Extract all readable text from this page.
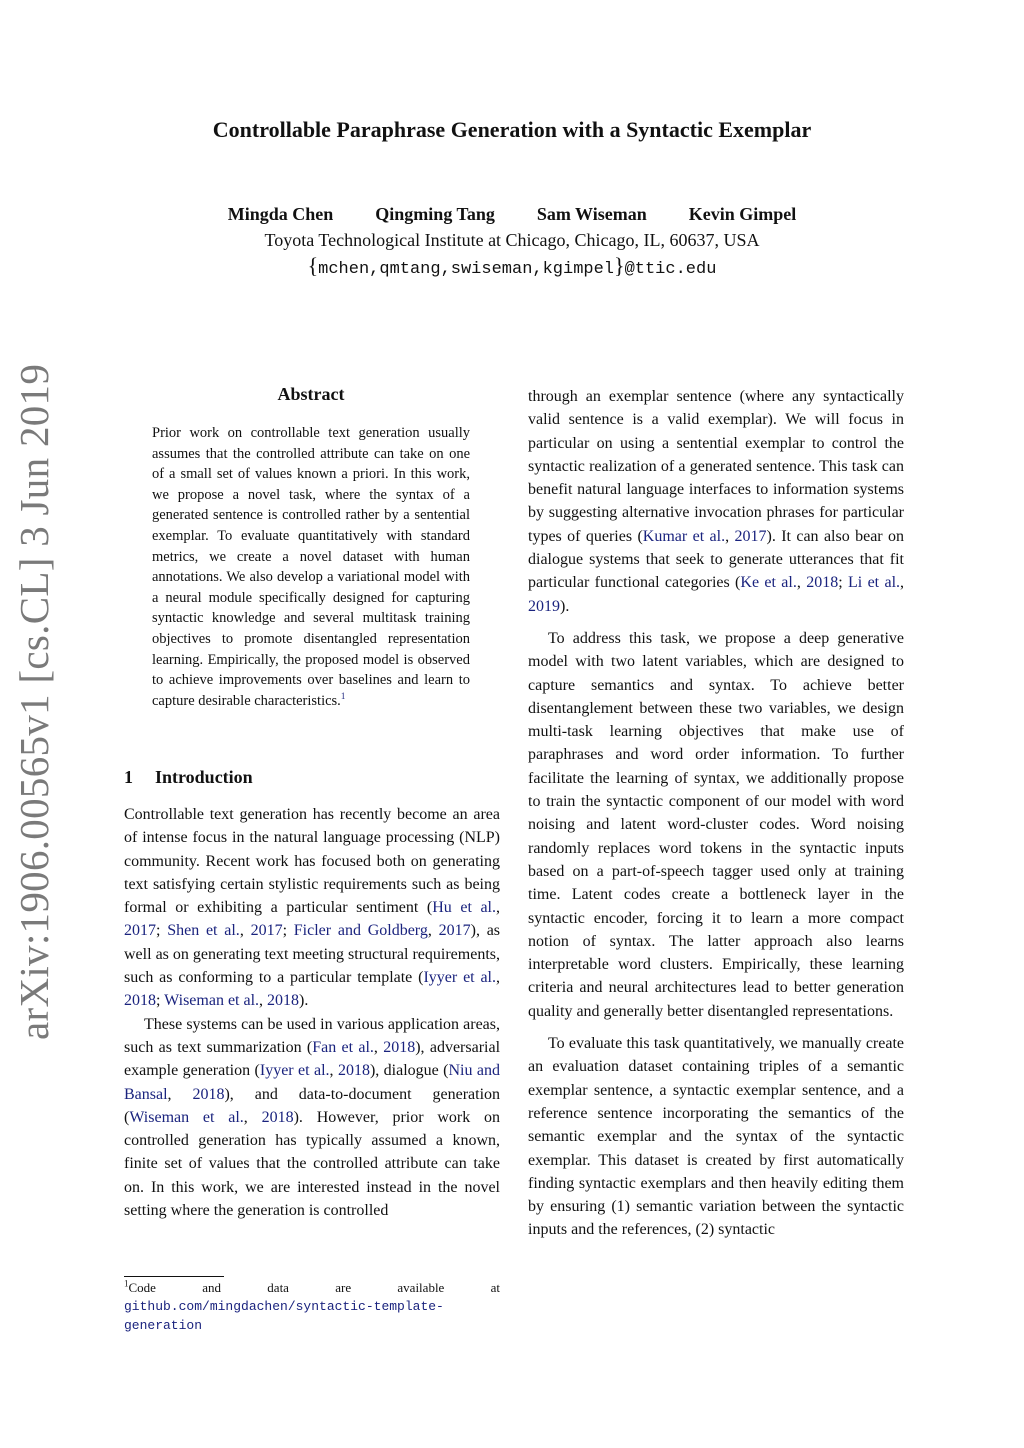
arXiv:1906.00565v1 [cs.CL] 3 Jun 2019
Controllable Paraphrase Generation with a Syntactic Exemplar
Mingda Chen Qingming Tang Sam Wiseman Kevin Gimpel
Toyota Technological Institute at Chicago, Chicago, IL, 60637, USA
{mchen,qmtang,swiseman,kgimpel}@ttic.edu
Abstract

Prior work on controllable text generation usually assumes that the controlled attribute can take on one of a small set of values known a priori. In this work, we propose a novel task, where the syntax of a generated sentence is controlled rather by a sentential exemplar. To evaluate quantitatively with standard metrics, we create a novel dataset with human annotations. We also develop a variational model with a neural module specifically designed for capturing syntactic knowledge and several multitask training objectives to promote disentangled representation learning. Empirically, the proposed model is observed to achieve improvements over baselines and learn to capture desirable characteristics.$^1$

1 Introduction

Controllable text generation has recently become an area of intense focus in the natural language processing (NLP) community. Recent work has focused both on generating text satisfying certain stylistic requirements such as being formal or exhibiting a particular sentiment (Hu et al., 2017; Shen et al., 2017; Ficler and Goldberg, 2017), as well as on generating text meeting structural requirements, such as conforming to a particular template (Iyyer et al., 2018; Wiseman et al., 2018).

These systems can be used in various application areas, such as text summarization (Fan et al., 2018), adversarial example generation (Iyyer et al., 2018), dialogue (Niu and Bansal, 2018), and data-to-document generation (Wiseman et al., 2018). However, prior work on controlled generation has typically assumed a known, finite set of values that the controlled attribute can take on. In this work, we are interested instead in the novel setting where the generation is controlled

$^1$Code and data are available at github.com/mingdachen/syntactic-template-generation

through an exemplar sentence (where any syntactically valid sentence is a valid exemplar). We will focus in particular on using a sentential exemplar to control the syntactic realization of a generated sentence. This task can benefit natural language interfaces to information systems by suggesting alternative invocation phrases for particular types of queries (Kumar et al., 2017). It can also bear on dialogue systems that seek to generate utterances that fit particular functional categories (Ke et al., 2018; Li et al., 2019).

To address this task, we propose a deep generative model with two latent variables, which are designed to capture semantics and syntax. To achieve better disentanglement between these two variables, we design multi-task learning objectives that make use of paraphrases and word order information. To further facilitate the learning of syntax, we additionally propose to train the syntactic component of our model with word noising and latent word-cluster codes. Word noising randomly replaces word tokens in the syntactic inputs based on a part-of-speech tagger used only at training time. Latent codes create a bottleneck layer in the syntactic encoder, forcing it to learn a more compact notion of syntax. The latter approach also learns interpretable word clusters. Empirically, these learning criteria and neural architectures lead to better generation quality and generally better disentangled representations.

To evaluate this task quantitatively, we manually create an evaluation dataset containing triples of a semantic exemplar sentence, a syntactic exemplar sentence, and a reference sentence incorporating the semantics of the semantic exemplar and the syntax of the syntactic exemplar. This dataset is created by first automatically finding syntactic exemplars and then heavily editing them by ensuring (1) semantic variation between the syntactic inputs and the references, (2) syntactic
